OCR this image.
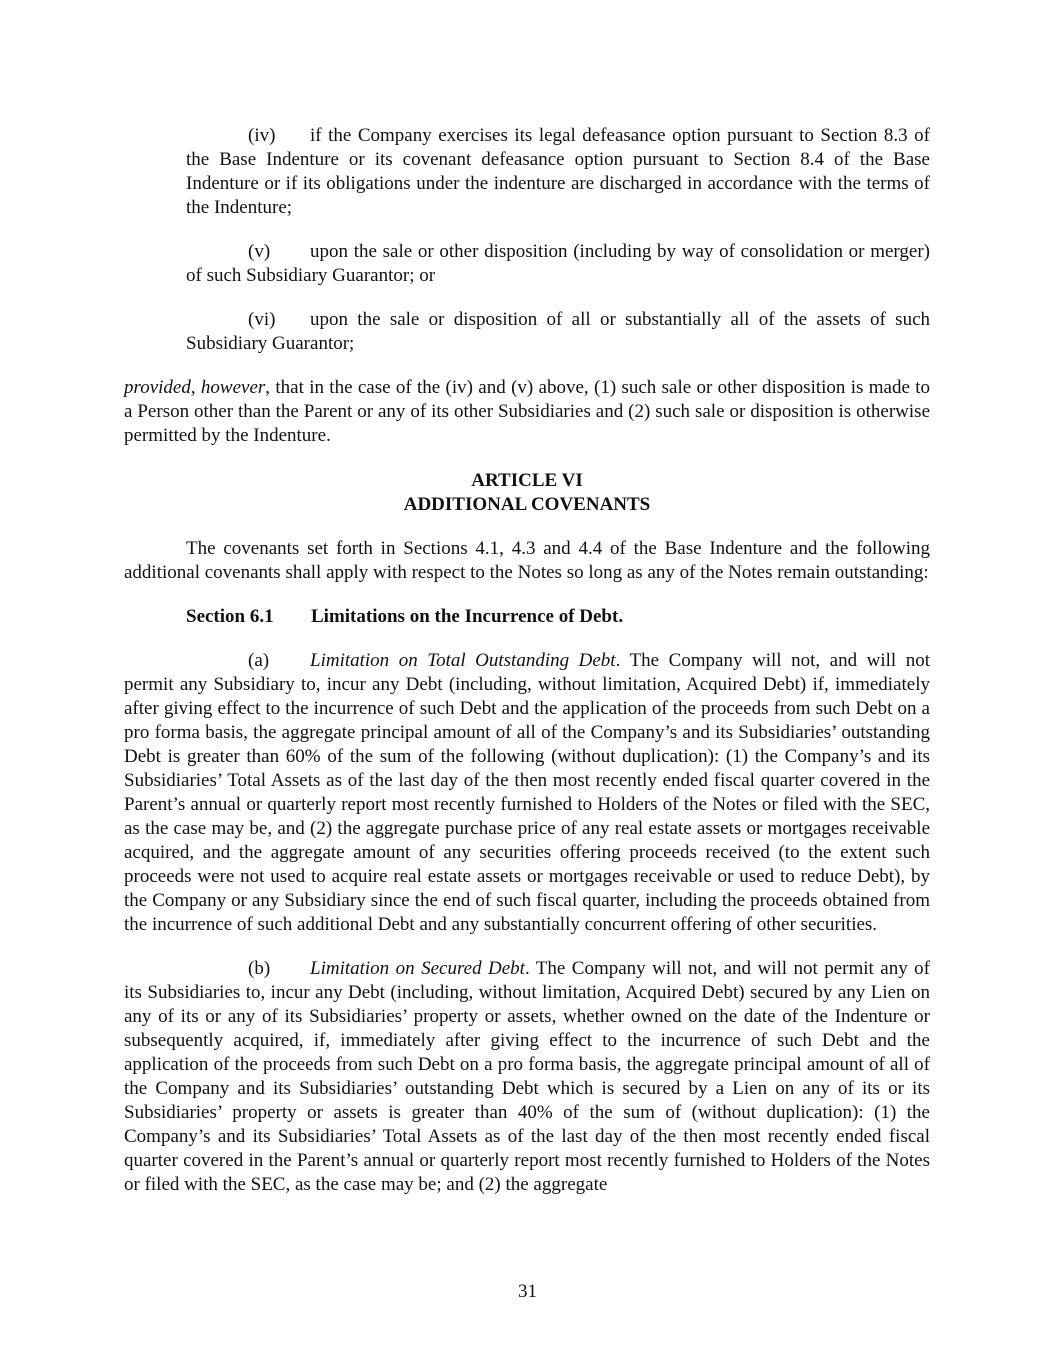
(iv) if the Company exercises its legal defeasance option pursuant to Section 8.3 of the Base Indenture or its covenant defeasance option pursuant to Section 8.4 of the Base Indenture or if its obligations under the indenture are discharged in accordance with the terms of the Indenture;

(v) upon the sale or other disposition (including by way of consolidation or merger) of such Subsidiary Guarantor; or

(vi) upon the sale or disposition of all or substantially all of the assets of such Subsidiary Guarantor;

provided, however, that in the case of the (iv) and (v) above, (1) such sale or other disposition is made to a Person other than the Parent or any of its other Subsidiaries and (2) such sale or disposition is otherwise permitted by the Indenture.

ARTICLE VI

ADDITIONAL COVENANTS

The covenants set forth in Sections 4.1, 4.3 and 4.4 of the Base Indenture and the following additional covenants shall apply with respect to the Notes so long as any of the Notes remain outstanding:

Section 6.1 Limitations on the Incurrence of Debt.

(a) Limitation on Total Outstanding Debt. The Company will not, and will not permit any Subsidiary to, incur any Debt (including, without limitation, Acquired Debt) if, immediately after giving effect to the incurrence of such Debt and the application of the proceeds from such Debt on a pro forma basis, the aggregate principal amount of all of the Company’s and its Subsidiaries’ outstanding Debt is greater than 60% of the sum of the following (without duplication): (1) the Company’s and its Subsidiaries’ Total Assets as of the last day of the then most recently ended fiscal quarter covered in the Parent’s annual or quarterly report most recently furnished to Holders of the Notes or filed with the SEC, as the case may be, and (2) the aggregate purchase price of any real estate assets or mortgages receivable acquired, and the aggregate amount of any securities offering proceeds received (to the extent such proceeds were not used to acquire real estate assets or mortgages receivable or used to reduce Debt), by the Company or any Subsidiary since the end of such fiscal quarter, including the proceeds obtained from the incurrence of such additional Debt and any substantially concurrent offering of other securities.

(b) Limitation on Secured Debt. The Company will not, and will not permit any of its Subsidiaries to, incur any Debt (including, without limitation, Acquired Debt) secured by any Lien on any of its or any of its Subsidiaries’ property or assets, whether owned on the date of the Indenture or subsequently acquired, if, immediately after giving effect to the incurrence of such Debt and the application of the proceeds from such Debt on a pro forma basis, the aggregate principal amount of all of the Company and its Subsidiaries’ outstanding Debt which is secured by a Lien on any of its or its Subsidiaries’ property or assets is greater than 40% of the sum of (without duplication): (1) the Company’s and its Subsidiaries’ Total Assets as of the last day of the then most recently ended fiscal quarter covered in the Parent’s annual or quarterly report most recently furnished to Holders of the Notes or filed with the SEC, as the case may be; and (2) the aggregate

31
